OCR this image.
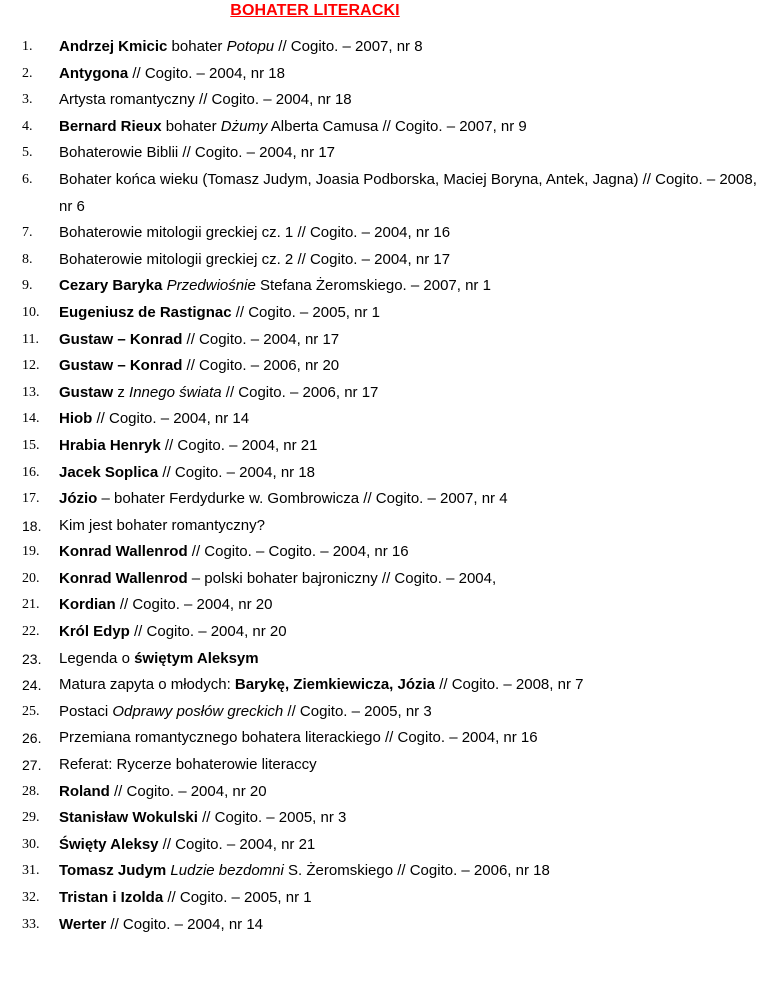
BOHATER LITERACKI
1. Andrzej Kmicic bohater Potopu // Cogito. – 2007, nr 8
2. Antygona // Cogito. – 2004, nr 18
3. Artysta romantyczny // Cogito. – 2004, nr 18
4. Bernard Rieux bohater Dżumy Alberta Camusa // Cogito. – 2007, nr 9
5. Bohaterowie Biblii // Cogito. – 2004, nr 17
6. Bohater końca wieku (Tomasz Judym, Joasia Podborska, Maciej Boryna, Antek, Jagna) // Cogito. – 2008, nr 6
7. Bohaterowie mitologii greckiej cz. 1 // Cogito. – 2004, nr 16
8. Bohaterowie mitologii greckiej cz. 2 // Cogito. – 2004, nr 17
9. Cezary Baryka Przedwiośnie Stefana Żeromskiego. – 2007, nr 1
10. Eugeniusz de Rastignac // Cogito. – 2005, nr 1
11. Gustaw – Konrad // Cogito. – 2004, nr 17
12. Gustaw – Konrad // Cogito. – 2006, nr 20
13. Gustaw z Innego świata // Cogito. – 2006, nr 17
14. Hiob // Cogito. – 2004, nr 14
15. Hrabia Henryk // Cogito. – 2004, nr 21
16. Jacek Soplica // Cogito. – 2004, nr 18
17. Józio – bohater Ferdydurke w. Gombrowicza // Cogito. – 2007, nr 4
18. Kim jest bohater romantyczny?
19. Konrad Wallenrod // Cogito. – Cogito. – 2004, nr 16
20. Konrad Wallenrod – polski bohater bajroniczny // Cogito. – 2004,
21. Kordian // Cogito. – 2004, nr 20
22. Król Edyp // Cogito. – 2004, nr 20
23. Legenda o świętym Aleksym
24. Matura zapyta o młodych: Barykę, Ziemkiewicza, Józia // Cogito. – 2008, nr 7
25. Postaci Odprawy posłów greckich // Cogito. – 2005, nr 3
26. Przemiana romantycznego bohatera literackiego // Cogito. – 2004, nr 16
27. Referat: Rycerze bohaterowie literaccy
28. Roland // Cogito. – 2004, nr 20
29. Stanisław Wokulski // Cogito. – 2005, nr 3
30. Święty Aleksy // Cogito. – 2004, nr 21
31. Tomasz Judym Ludzie bezdomni S. Żeromskiego // Cogito. – 2006, nr 18
32. Tristan i Izolda // Cogito. – 2005, nr 1
33. Werter // Cogito. – 2004, nr 14
